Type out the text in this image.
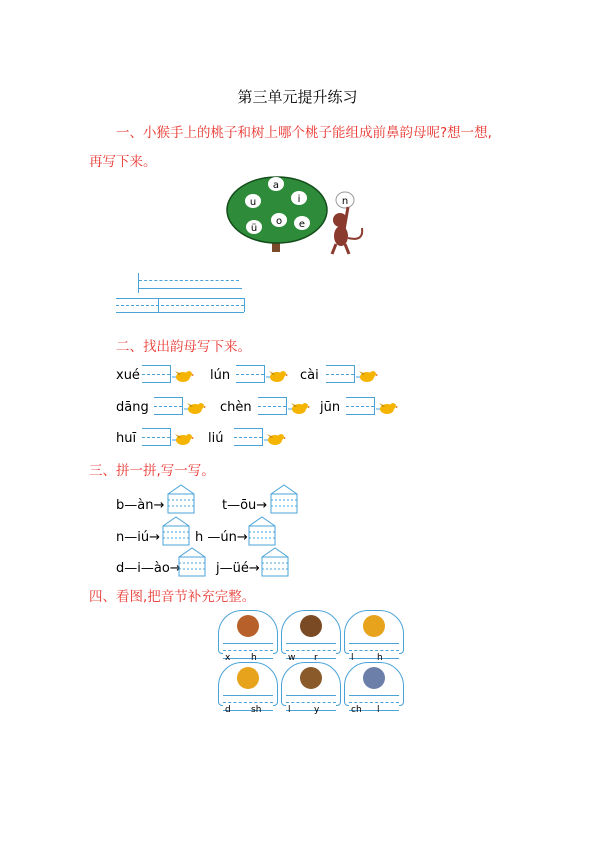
第三单元提升练习
一、小猴手上的桃子和树上哪个桃子能组成前鼻韵母呢?想一想,
再写下来。
a
i
u
e
o
ü
n
二、找出韵母写下来。
xué	lún	cài
dāng	chèn	jūn
huī	liú
三、拼一拼,写一写。
b—àn→	t—ōu→
n—iú→	h —ún→
d—i—ào→	j—üé→
四、看图,把音节补充完整。
x h	w r	l	h
d sh	l	y	ch l
